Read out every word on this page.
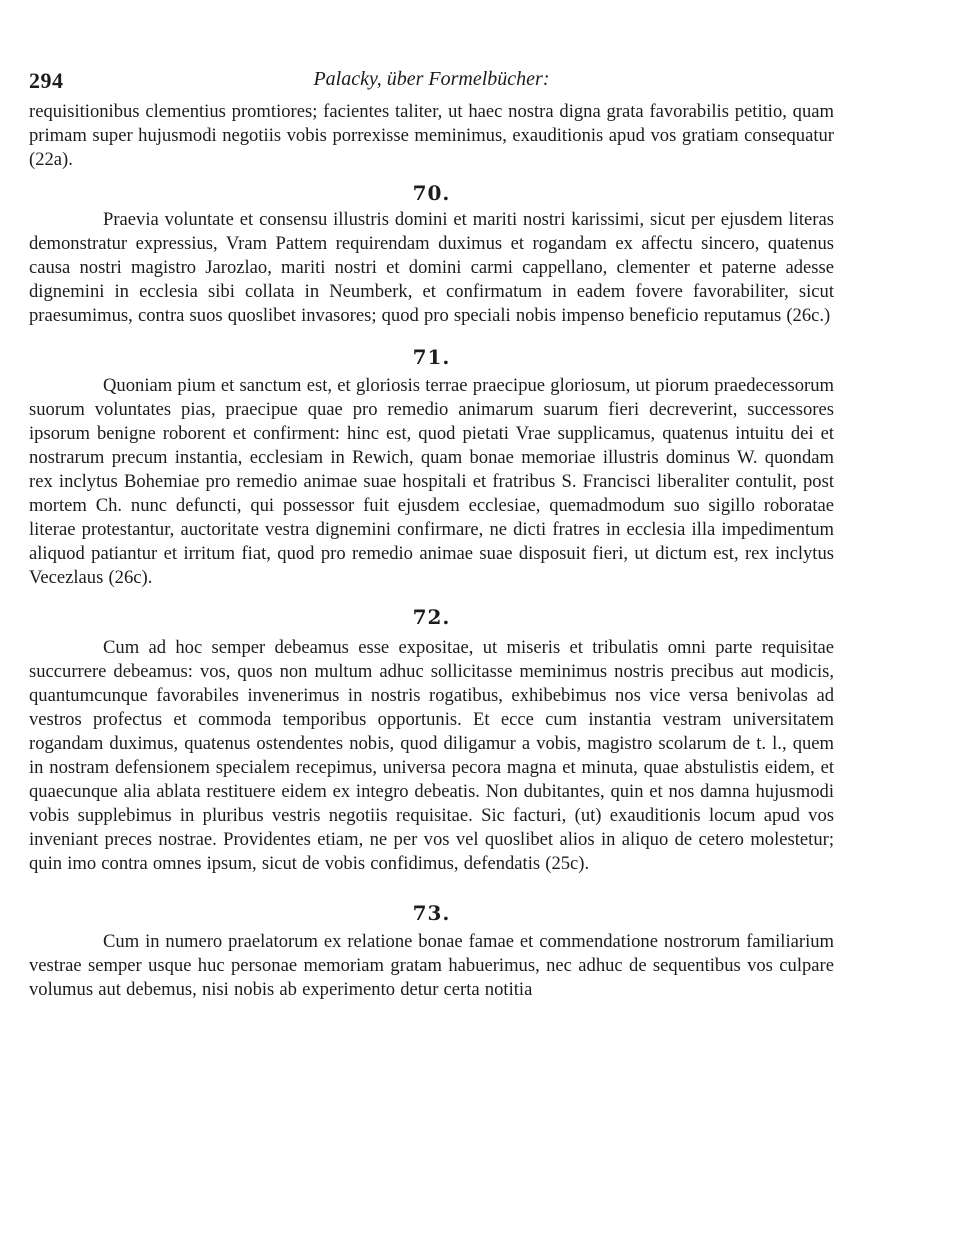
294	Palacky, über Formelbücher:

requisitionibus clementius promtiores; facientes taliter, ut haec nostra digna grata favorabilis petitio, quam primam super hujusmodi negotiis vobis porrexisse meminimus, exauditionis apud vos gratiam consequatur (22a).

70.

Praevia voluntate et consensu illustris domini et mariti nostri karissimi, sicut per ejusdem literas demonstratur expressius, Vram Pattem requirendam duximus et rogandam ex affectu sincero, quatenus causa nostri magistro Jarozlao, mariti nostri et domini carmi cappellano, clementer et paterne adesse dignemini in ecclesia sibi collata in Neumberk, et confirmatum in eadem fovere favorabiliter, sicut praesumimus, contra suos quoslibet invasores; quod pro speciali nobis impenso beneficio reputamus (26c.)

71.

Quoniam pium et sanctum est, et gloriosis terrae praecipue gloriosum, ut piorum praedecessorum suorum voluntates pias, praecipue quae pro remedio animarum suarum fieri decreverint, successores ipsorum benigne roborent et confirment: hinc est, quod pietati Vrae supplicamus, quatenus intuitu dei et nostrarum precum instantia, ecclesiam in Rewich, quam bonae memoriae illustris dominus W. quondam rex inclytus Bohemiae pro remedio animae suae hospitali et fratribus S. Francisci liberaliter contulit, post mortem Ch. nunc defuncti, qui possessor fuit ejusdem ecclesiae, quemadmodum suo sigillo roboratae literae protestantur, auctoritate vestra dignemini confirmare, ne dicti fratres in ecclesia illa impedimentum aliquod patiantur et irritum fiat, quod pro remedio animae suae disposuit fieri, ut dictum est, rex inclytus Vecezlaus (26c).

72.

Cum ad hoc semper debeamus esse expositae, ut miseris et tribulatis omni parte requisitae succurrere debeamus: vos, quos non multum adhuc sollicitasse meminimus nostris precibus aut modicis, quantumcunque favorabiles invenerimus in nostris rogatibus, exhibebimus nos vice versa benivolas ad vestros profectus et commoda temporibus opportunis. Et ecce cum instantia vestram universitatem rogandam duximus, quatenus ostendentes nobis, quod diligamur a vobis, magistro scolarum de t. l., quem in nostram defensionem specialem recepimus, universa pecora magna et minuta, quae abstulistis eidem, et quaecunque alia ablata restituere eidem ex integro debeatis. Non dubitantes, quin et nos damna hujusmodi vobis supplebimus in pluribus vestris negotiis requisitae. Sic facturi, (ut) exauditionis locum apud vos inveniant preces nostrae. Providentes etiam, ne per vos vel quoslibet alios in aliquo de cetero molestetur; quin imo contra omnes ipsum, sicut de vobis confidimus, defendatis (25c).

73.

Cum in numero praelatorum ex relatione bonae famae et commendatione nostrorum familiarium vestrae semper usque huc personae memoriam gratam habuerimus, nec adhuc de sequentibus vos culpare volumus aut debemus, nisi nobis ab experimento detur certa notitia
